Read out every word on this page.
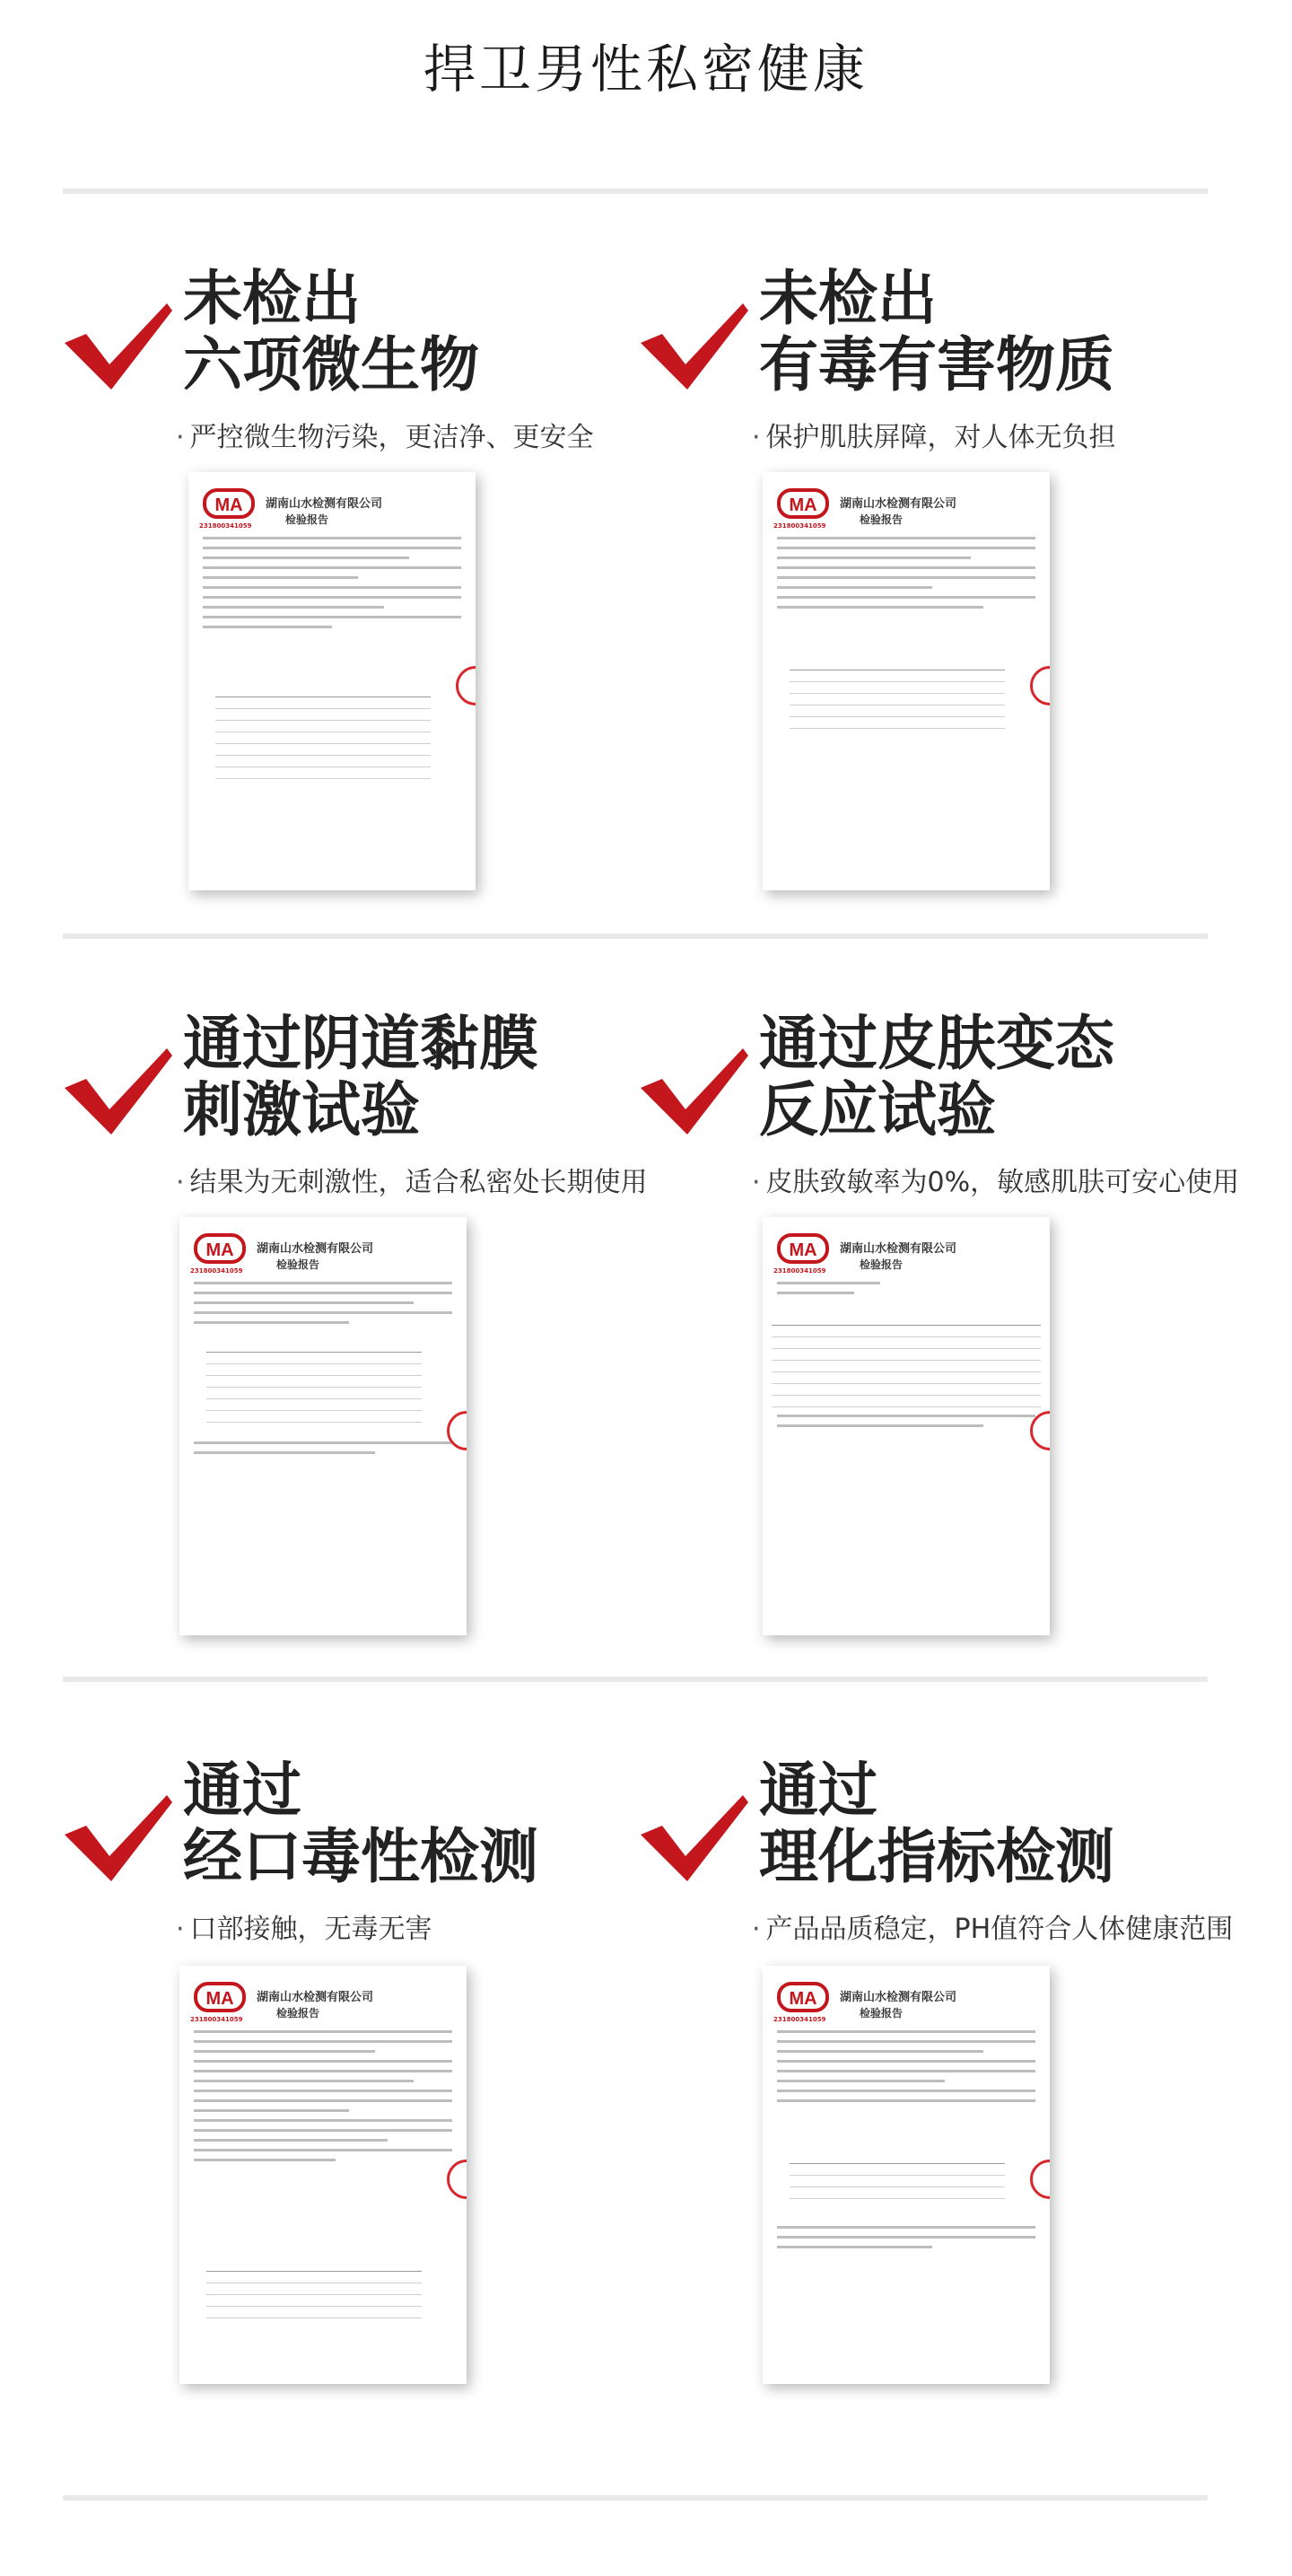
捍卫男性私密健康
未检出
六项微生物
· 严控微生物污染，更洁净、更安全
未检出
有毒有害物质
· 保护肌肤屏障，对人体无负担
通过阴道黏膜
刺激试验
· 结果为无刺激性，适合私密处长期使用
通过皮肤变态
反应试验
· 皮肤致敏率为0%，敏感肌肤可安心使用
通过
经口毒性检测
· 口部接触，无毒无害
通过
理化指标检测
· 产品品质稳定，PH值符合人体健康范围
MA
231800341059
湖南山水检测有限公司
检验报告
MA
231800341059
湖南山水检测有限公司
检验报告
MA
231800341059
湖南山水检测有限公司
检验报告
MA
231800341059
湖南山水检测有限公司
检验报告
MA
231800341059
湖南山水检测有限公司
检验报告
MA
231800341059
湖南山水检测有限公司
检验报告
